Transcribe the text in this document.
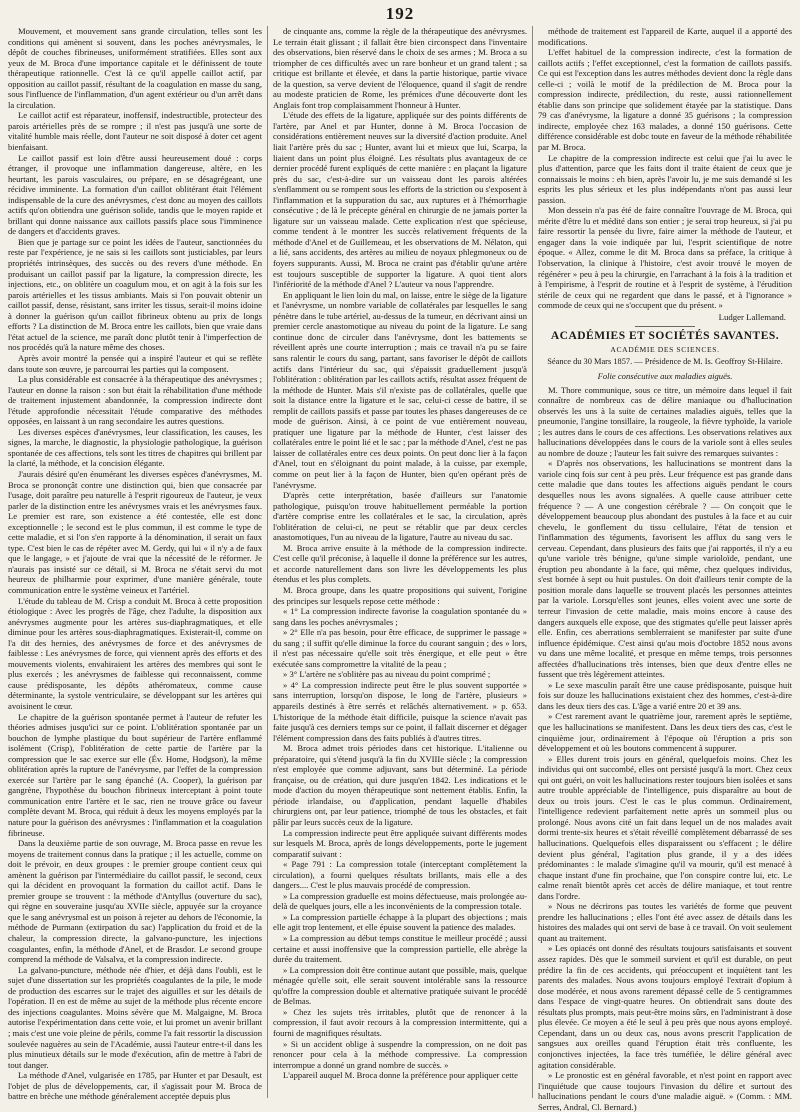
192

Mouvement, et mouvement sans grande circulation, telles sont les conditions qui amènent si souvent, dans les poches anévrysmales, le dépôt de couches fibrineuses, uniformément stratifiées. Elles sont aux yeux de M. Broca d'une importance capitale et le définissent de toute thérapeutique rationnelle. C'est là ce qu'il appelle caillot actif, par opposition au caillot passif, résultant de la coagulation en masse du sang, sous l'influence de l'inflammation, d'un agent extérieur ou d'un arrêt dans la circulation.

Le caillot actif est réparateur, inoffensif, indestructible, protecteur des parois artérielles près de se rompre ; il n'est pas jusqu'à une sorte de vitalité humble mais réelle, dont l'auteur ne soit disposé à doter cet agent bienfaisant.

Le caillot passif est loin d'être aussi heureusement doué : corps étranger, il provoque une inflammation dangereuse, altère, en les heurtant, les parois vasculaires, ou prépare, en se désagrégeant, une récidive imminente. La formation d'un caillot oblitérant était l'élément indispensable de la cure des anévrysmes, c'est donc au moyen des caillots actifs qu'on obtiendra une guérison solide, tandis que le moyen rapide et brillant qui donne naissance aux caillots passifs place sous l'imminence de dangers et d'accidents graves.

Bien que je partage sur ce point les idées de l'auteur, sanctionnées du reste par l'expérience, je ne sais si les caillots sont justiciables, par leurs propriétés intrinsèques, des succès ou des revers d'une méthode. En produisant un caillot passif par la ligature, la compression directe, les injections, etc., on oblitère un coagulum mou, et on agit à la fois sur les parois artérielles et les tissus ambiants. Mais si l'on pouvait obtenir un caillot passif, dense, résistant, sans irriter les tissus, serait-il moins idoine à donner la guérison qu'un caillot fibrineux obtenu au prix de longs efforts ? La distinction de M. Broca entre les caillots, bien que vraie dans l'état actuel de la science, me paraît donc plutôt tenir à l'imperfection de nos procédés qu'à la nature même des choses.

Après avoir montré la pensée qui a inspiré l'auteur et qui se reflète dans toute son œuvre, je parcourrai les parties qui la composent.

La plus considérable est consacrée à la thérapeutique des anévrysmes ; l'auteur en donne la raison : son but était la réhabilitation d'une méthode de traitement injustement abandonnée, la compression indirecte dont l'étude approfondie nécessitait l'étude comparative des méthodes opposées, en laissant à un rang secondaire les autres questions.

Les diverses espèces d'anévrysmes, leur classification, les causes, les signes, la marche, le diagnostic, la physiologie pathologique, la guérison spontanée de ces affections, tels sont les titres de chapitres qui brillent par la clarté, la méthode, et la concision élégante.

J'aurais désiré qu'en énumérant les diverses espèces d'anévrysmes, M. Broca se prononçât contre une distinction qui, bien que consacrée par l'usage, doit paraître peu naturelle à l'esprit rigoureux de l'auteur, je veux parler de la distinction entre les anévrysmes vrais et les anévrysmes faux. Le premier est rare, son existence a été contestée, elle est donc exceptionnelle ; le second est le plus commun, il est comme le type de cette maladie, et si l'on s'en rapporte à la dénomination, il serait un faux type. C'est bien le cas de répéter avec M. Gerdy, qui lui « il n'y a de faux que le langage, » et j'ajoute de vrai que la nécessité de le réformer. Je n'aurais pas insisté sur ce détail, si M. Broca ne s'était servi du mot heureux de philharmie pour exprimer, d'une manière générale, toute communication entre le système veineux et l'artériel.

L'étude du tableau de M. Crisp a conduit M. Broca à cette proposition étiologique : Avec les progrès de l'âge, chez l'adulte, la disposition aux anévrysmes augmente pour les artères sus-diaphragmatiques, et elle diminue pour les artères sous-diaphragmatiques. Existerait-il, comme on l'a dit des hernies, des anévrysmes de force et des anévrysmes de faiblesse : Les anévrysmes de force, qui viennent après des efforts et des mouvements violents, envahiraient les artères des membres qui sont le plus exercés ; les anévrysmes de faiblesse qui reconnaissent, comme cause prédisposante, les dépôts athéromateux, comme cause déterminante, la systole ventriculaire, se développant sur les artères qui avoisinent le cœur.

Le chapitre de la guérison spontanée permet à l'auteur de refuter les théories admises jusqu'ici sur ce point. L'oblitération spontanée par un bouchon de lymphe plastique du bout supérieur de l'artère enflammé isolément (Crisp), l'oblitération de cette partie de l'artère par la compression que le sac exerce sur elle (Év. Home, Hodgson), la même oblitération après la rupture de l'anévrysme, par l'effet de la compression exercée sur l'artère par le sang épanché (A. Cooper), la guérison par gangrène, l'hypothèse du bouchon fibrineux interceptant à point toute communication entre l'artère et le sac, rien ne trouve grâce ou faveur complète devant M. Broca, qui réduit à deux les moyens employés par la nature pour la guérison des anévrysmes : l'inflammation et la coagulation fibrineuse.

Dans la deuxième partie de son ouvrage, M. Broca passe en revue les moyens de traitement connus dans la pratique ; il les actuelle, comme on doit le prévoir, en deux groupes : le premier groupe contient ceux qui amènent la guérison par l'intermédiaire du caillot passif, le second, ceux qui la décident en provoquant la formation du caillot actif. Dans le premier groupe se trouvent : la méthode d'Antyllus (ouverture du sac), qui règne en souveraine jusqu'au XVIIe siècle, appuyée sur la croyance que le sang anévrysmal est un poison à rejeter au dehors de l'économie, la méthode de Purmann (extirpation du sac) l'application du froid et de la chaleur, la compression directe, la galvano-puncture, les injections coagulantes, enfin, la méthode d'Anel, et de Brasdor. Le second groupe comprend la méthode de Valsalva, et la compression indirecte.

La galvano-puncture, méthode née d'hier, et déjà dans l'oubli, est le sujet d'une dissertation sur les propriétés coagulantes de la pile, le mode de production des escarres sur le trajet des aiguilles et sur les détails de l'opération. Il en est de même au sujet de la méthode plus récente encore des injections coagulantes. Moins sévère que M. Malgaigne, M. Broca autorise l'expérimentation dans cette voie, et lui promet un avenir brillant ; mais c'est une voie pleine de périls, comme l'a fait ressortir la discussion soulevée naguères au sein de l'Académie, aussi l'auteur entre-t-il dans les plus minutieux détails sur le mode d'exécution, afin de mettre à l'abri de tout danger.

La méthode d'Anel, vulgarisée en 1785, par Hunter et par Desault, est l'objet de plus de développements, car, il s'agissait pour M. Broca de battre en brèche une méthode généralement acceptée depuis plus

de cinquante ans, comme la règle de la thérapeutique des anévrysmes. Le terrain était glissant ; il fallait être bien circonspect dans l'inventaire des observations, bien réservé dans le choix de ses armes ; M. Broca a su triompher de ces difficultés avec un rare bonheur et un grand talent ; sa critique est brillante et élevée, et dans la partie historique, partie vivace de la question, sa verve devient de l'éloquence, quand il s'agit de rendre au modeste praticien de Rome, les prémices d'une découverte dont les Anglais font trop complaisamment l'honneur à Hunter.

L'étude des effets de la ligature, appliquée sur des points différents de l'artère, par Anel et par Hunter, donne à M. Broca l'occasion de considérations entièrement neuves sur la diversité d'action produite. Anel liait l'artère près du sac ; Hunter, avant lui et mieux que lui, Scarpa, la liaient dans un point plus éloigné. Les résultats plus avantageux de ce dernier procédé furent expliqués de cette manière : en plaçant la ligature près du sac, c'est-à-dire sur un vaisseau dont les parois altérées s'enflamment ou se rompent sous les efforts de la striction ou s'exposent à l'inflammation et la suppuration du sac, aux ruptures et à l'hémorrhagie consécutive ; de là le précepte général en chirurgie de ne jamais porter la ligature sur un vaisseau malade. Cette explication n'est que spécieuse, comme tendent à le montrer les succès relativement fréquents de la méthode d'Anel et de Guillemeau, et les observations de M. Nélaton, qui a lié, sans accidents, des artères au milieu de noyaux phlegmoneux ou de foyers suppurants. Aussi, M. Broca ne craint pas d'établir qu'une artère est toujours susceptible de supporter la ligature. A quoi tient alors l'infériorité de la méthode d'Anel ? L'auteur va nous l'apprendre.

En appliquant le lien loin du mal, on laisse, entre le siège de la ligature et l'anévrysme, un nombre variable de collatérales par lesquelles le sang pénètre dans le tube artériel, au-dessus de la tumeur, en décrivant ainsi un premier cercle anastomotique au niveau du point de la ligature. Le sang continue donc de circuler dans l'anévrysme, dont les battements se réveillent après une courte interruption ; mais ce travail n'a pu se faire sans ralentir le cours du sang, partant, sans favoriser le dépôt de caillots actifs dans l'intérieur du sac, qui s'épaissit graduellement jusqu'à l'oblitération : oblitération par les caillots actifs, résultat assez fréquent de la méthode de Hunter. Mais s'il n'existe pas de collatérales, quelle que soit la distance entre la ligature et le sac, celui-ci cesse de battre, il se remplit de caillots passifs et passe par toutes les phases dangereuses de ce mode de guérison. Ainsi, à ce point de vue entièrement nouveau, pratiquer une ligature par la méthode de Hunter, c'est laisser des collatérales entre le point lié et le sac ; par la méthode d'Anel, c'est ne pas laisser de collatérales entre ces deux points. On peut donc lier à la façon d'Anel, tout en s'éloignant du point malade, à la cuisse, par exemple, comme on peut lier à la façon de Hunter, bien qu'en opérant près de l'anévrysme.

D'après cette interprétation, basée d'ailleurs sur l'anatomie pathologique, puisqu'on trouve habituellement perméable la portion d'artère comprise entre les collatérales et le sac, la circulation, après l'oblitération de celui-ci, ne peut se rétablir que par deux cercles anastomotiques, l'un au niveau de la ligature, l'autre au niveau du sac.

M. Broca arrive ensuite à la méthode de la compression indirecte. C'est celle qu'il préconise, à laquelle il donne la préférence sur les autres, et accorde naturellement dans son livre les développements les plus étendus et les plus complets.

M. Broca groupe, dans les quatre propositions qui suivent, l'origine des principes sur lesquels repose cette méthode :

« 1° La compression indirecte favorise la coagulation spontanée du » sang dans les poches anévrysmales ;

» 2° Elle n'a pas besoin, pour être efficace, de supprimer le passage » du sang ; il suffit qu'elle diminue la force du courant sanguin ; des » lors, il n'est pas nécessaire qu'elle soit très énergique, et elle peut » être exécutée sans compromettre la vitalité de la peau ;

» 3° L'artère ne s'oblitère pas au niveau du point comprimé ;

» 4° La compression indirecte peut être le plus souvent supportée » sans interruption, lorsqu'on dispose, le long de l'artère, plusieurs » appareils destinés à être serrés et relâchés alternativement. » p. 653. L'historique de la méthode était difficile, puisque la science n'avait pas faite jusqu'à ces derniers temps sur ce point, il fallait discerner et dégager l'élément compression dans des faits publiés à d'autres titres.

M. Broca admet trois périodes dans cet historique. L'italienne ou préparatoire, qui s'étend jusqu'à la fin du XVIIIe siècle ; la compression n'est employée que comme adjuvant, sans but déterminé. La période française, ou de création, qui dure jusqu'en 1842. Les indications et le mode d'action du moyen thérapeutique sont nettement établis. Enfin, la période irlandaise, ou d'application, pendant laquelle d'habiles chirurgiens ont, par leur patience, triomphé de tous les obstacles, et fait pâlir par leurs succès ceux de la ligature.

La compression indirecte peut être appliquée suivant différents modes sur lesquels M. Broca, après de longs développements, porte le jugement comparatif suivant :

« Page 791 : La compression totale (interceptant complètement la circulation), a fourni quelques résultats brillants, mais elle a des dangers.... C'est le plus mauvais procédé de compression.

» La compression graduelle est moins défectueuse, mais prolongée au-delà de quelques jours, elle a les inconvénients de la compression totale.

» La compression partielle échappe à la plupart des objections ; mais elle agit trop lentement, et elle épuise souvent la patience des malades.

» La compression au début temps constitue le meilleur procédé ; aussi certaine et aussi inoffensive que la compression partielle, elle abrège la durée du traitement.

» La compression doit être continue autant que possible, mais, quelque ménagée qu'elle soit, elle serait souvent intolérable sans la ressource qu'offre la compression double et alternative pratiquée suivant le procédé de Belmas.

» Chez les sujets très irritables, plutôt que de renoncer à la compression, il faut avoir recours à la compression intermittente, qui a fourni de magnifiques résultats.

» Si un accident oblige à suspendre la compression, on ne doit pas renoncer pour cela à la méthode compressive. La compression interrompue a donné un grand nombre de succès. »

L'appareil auquel M. Broca donne la préférence pour appliquer cette

méthode de traitement est l'appareil de Karte, auquel il a apporté des modifications.

L'effet habituel de la compression indirecte, c'est la formation de caillots actifs ; l'effet exceptionnel, c'est la formation de caillots passifs. Ce qui est l'exception dans les autres méthodes devient donc la règle dans celle-ci ; voilà le motif de la prédilection de M. Broca pour la compression indirecte, prédilection, du reste, aussi rationnellement établie dans son principe que solidement étayée par la statistique. Dans 79 cas d'anévrysme, la ligature a donné 35 guérisons ; la compression indirecte, employée chez 163 malades, a donné 150 guérisons. Cette différence considérable est dobc toute en faveur de la méthode réhabilitée par M. Broca.

Le chapitre de la compression indirecte est celui que j'ai lu avec le plus d'attention, parce que les faits dont il traite étaient de ceux que je connaissais le moins : eh bien, après l'avoir lu, je me suis demandé si les esprits les plus sérieux et les plus indépendants n'ont pas aussi leur passion.

Mon dessein n'a pas été de faire connaître l'ouvrage de M. Broca, qui mérite d'être lu et médité dans son entier ; je serai trop heureux, si j'ai pu faire ressortir la pensée du livre, faire aimer la méthode de l'auteur, et engager dans la voie indiquée par lui, l'esprit scientifique de notre époque. « Allez, comme le dit M. Broca dans sa préface, la critique à l'observation, la clinique à l'histoire, c'est avoir trouvé le moyen de régénérer » peu à peu la chirurgie, en l'arrachant à la fois à la tradition et à l'empirisme, à l'esprit de routine et à l'esprit de système, à l'érudition stérile de ceux qui ne regardent que dans le passé, et à l'ignorance » commode de ceux qui ne s'occupent que du présent. »

Ludger Lallemand.
ACADÉMIES ET SOCIÉTÉS SAVANTES.
ACADÉMIE DES SCIENCES.
Séance du 30 Mars 1857. — Présidence de M. Is. Geoffroy St-Hilaire.
Folie consécutive aux maladies aiguës.

M. Thore communique, sous ce titre, un mémoire dans lequel il fait connaître de nombreux cas de délire maniaque ou d'hallucination observés les uns à la suite de certaines maladies aiguës, telles que la pneumonie, l'angine tonsillaire, la rougeole, la fièvre typhoïde, la variole ; les autres dans le cours de ces affections. Les observations relatives aux hallucinations développées dans le cours de la variole sont à elles seules au nombre de douze ; l'auteur les fait suivre des remarques suivantes :

« D'après nos observations, les hallucinations se montrent dans la variole cinq fois sur cent à peu près. Leur fréquence est pas grande dans cette maladie que dans toutes les affections aiguës pendant le cours desquelles nous les avons signalées. A quelle cause attribuer cette fréquence ? — A une congestion cérébrale ? — On conçoit que le développement beaucoup plus abondant des pustules à la face et au cuir chevelu, le gonflement du tissu cellulaire, l'état de tension et l'inflammation des téguments, favorisent les afflux du sang vers le cerveau. Cependant, dans plusieurs des faits que j'ai rapportés, il n'y a eu qu'une variole très bénigne, qu'une simple varioloïde, pendant, une éruption peu abondante à la face, qui même, chez quelques individus, s'est bornée à sept ou huit pustules. On doit d'ailleurs tenir compte de la position morale dans laquelle se trouvent placés les personnes atteintes par la variole. Lorsqu'elles sont jeunes, elles voient avec une sorte de terreur l'invasion de cette maladie, mais moins encore à cause des dangers auxquels elle expose, que des stigmates qu'elle peut laisser après elle. Enfin, ces aberrations semblerraient se manifester par suite d'une influence épidémique. C'est ainsi qu'au mois d'octobre 1852 nous avons vu dans une même localité, et presque en même temps, trois personnes affectées d'hallucinations très intenses, bien que deux d'entre elles ne fussent que très légèrement atteintes.

» Le sexe masculin paraît être une cause prédisposante, puisque huit fois sur douze les hallucinations existaient chez des hommes, c'est-à-dire dans les deux tiers des cas. L'âge a varié entre 20 et 39 ans.

» C'est rarement avant le quatrième jour, rarement après le septième, que les hallucinations se manifestent. Dans les deux tiers des cas, c'est le cinquième jour, ordinairement à l'époque où l'éruption a pris son développement et où les boutons commencent à suppurer.

» Elles durent trois jours en général, quelquefois moins. Chez les individus qui ont succombé, elles ont persisté jusqu'à la mort. Chez ceux qui ont guéri, on voit les hallucinations rester toujours bien isolées et sans autre trouble appréciable de l'intelligence, puis disparaître au bout de deux ou trois jours. C'est le cas le plus commun. Ordinairement, l'intelligence redevient parfaitement nette après un sommeil plus ou prolongé. Nous avons cité un fait dans lequel un de nos malades avait dormi trente-six heures et s'était réveillé complètement débarrassé de ses hallucinations. Quelquefois elles disparaissent ou s'effacent ; le délire devient plus général, l'agitation plus grande, il y a des idées prédominantes : le malade s'imagine qu'il va mourir, qu'il est menacé à chaque instant d'une fin prochaine, que l'on conspire contre lui, etc. Le calme renaît bientôt après cet accès de délire maniaque, et tout rentre dans l'ordre.

» Nous ne décrirons pas toutes les variétés de forme que peuvent prendre les hallucinations ; elles l'ont été avec assez de détails dans les histoires des malades qui ont servi de base à ce travail. On voit seulement quant au traitement.

» Les opiacés ont donné des résultats toujours satisfaisants et souvent assez rapides. Dès que le sommeil survient et qu'il est durable, on peut prédire la fin de ces accidents, qui préoccupent et inquiètent tant les parents des malades. Nous avons toujours employé l'extrait d'opium à dose modérée, et nous avons rarement dépassé celle de 5 centigrammes dans l'espace de vingt-quatre heures. On obtiendrait sans doute des résultats plus prompts, mais peut-être moins sûrs, en l'administrant à dose plus élevée. Ce moyen a été le seul à peu près que nous ayons employé. Cependant, dans un ou deux cas, nous avons prescrit l'application de sangsues aux oreilles quand l'éruption était très confluente, les conjonctives injectées, la face très tuméfiée, le délire général avec agitation considérable.

» Le pronostic est en général favorable, et n'est point en rapport avec l'inquiétude que cause toujours l'invasion du délire et surtout des hallucinations pendant le cours d'une maladie aiguë. » (Comm. : MM. Serres, Andral, Cl. Bernard.)
